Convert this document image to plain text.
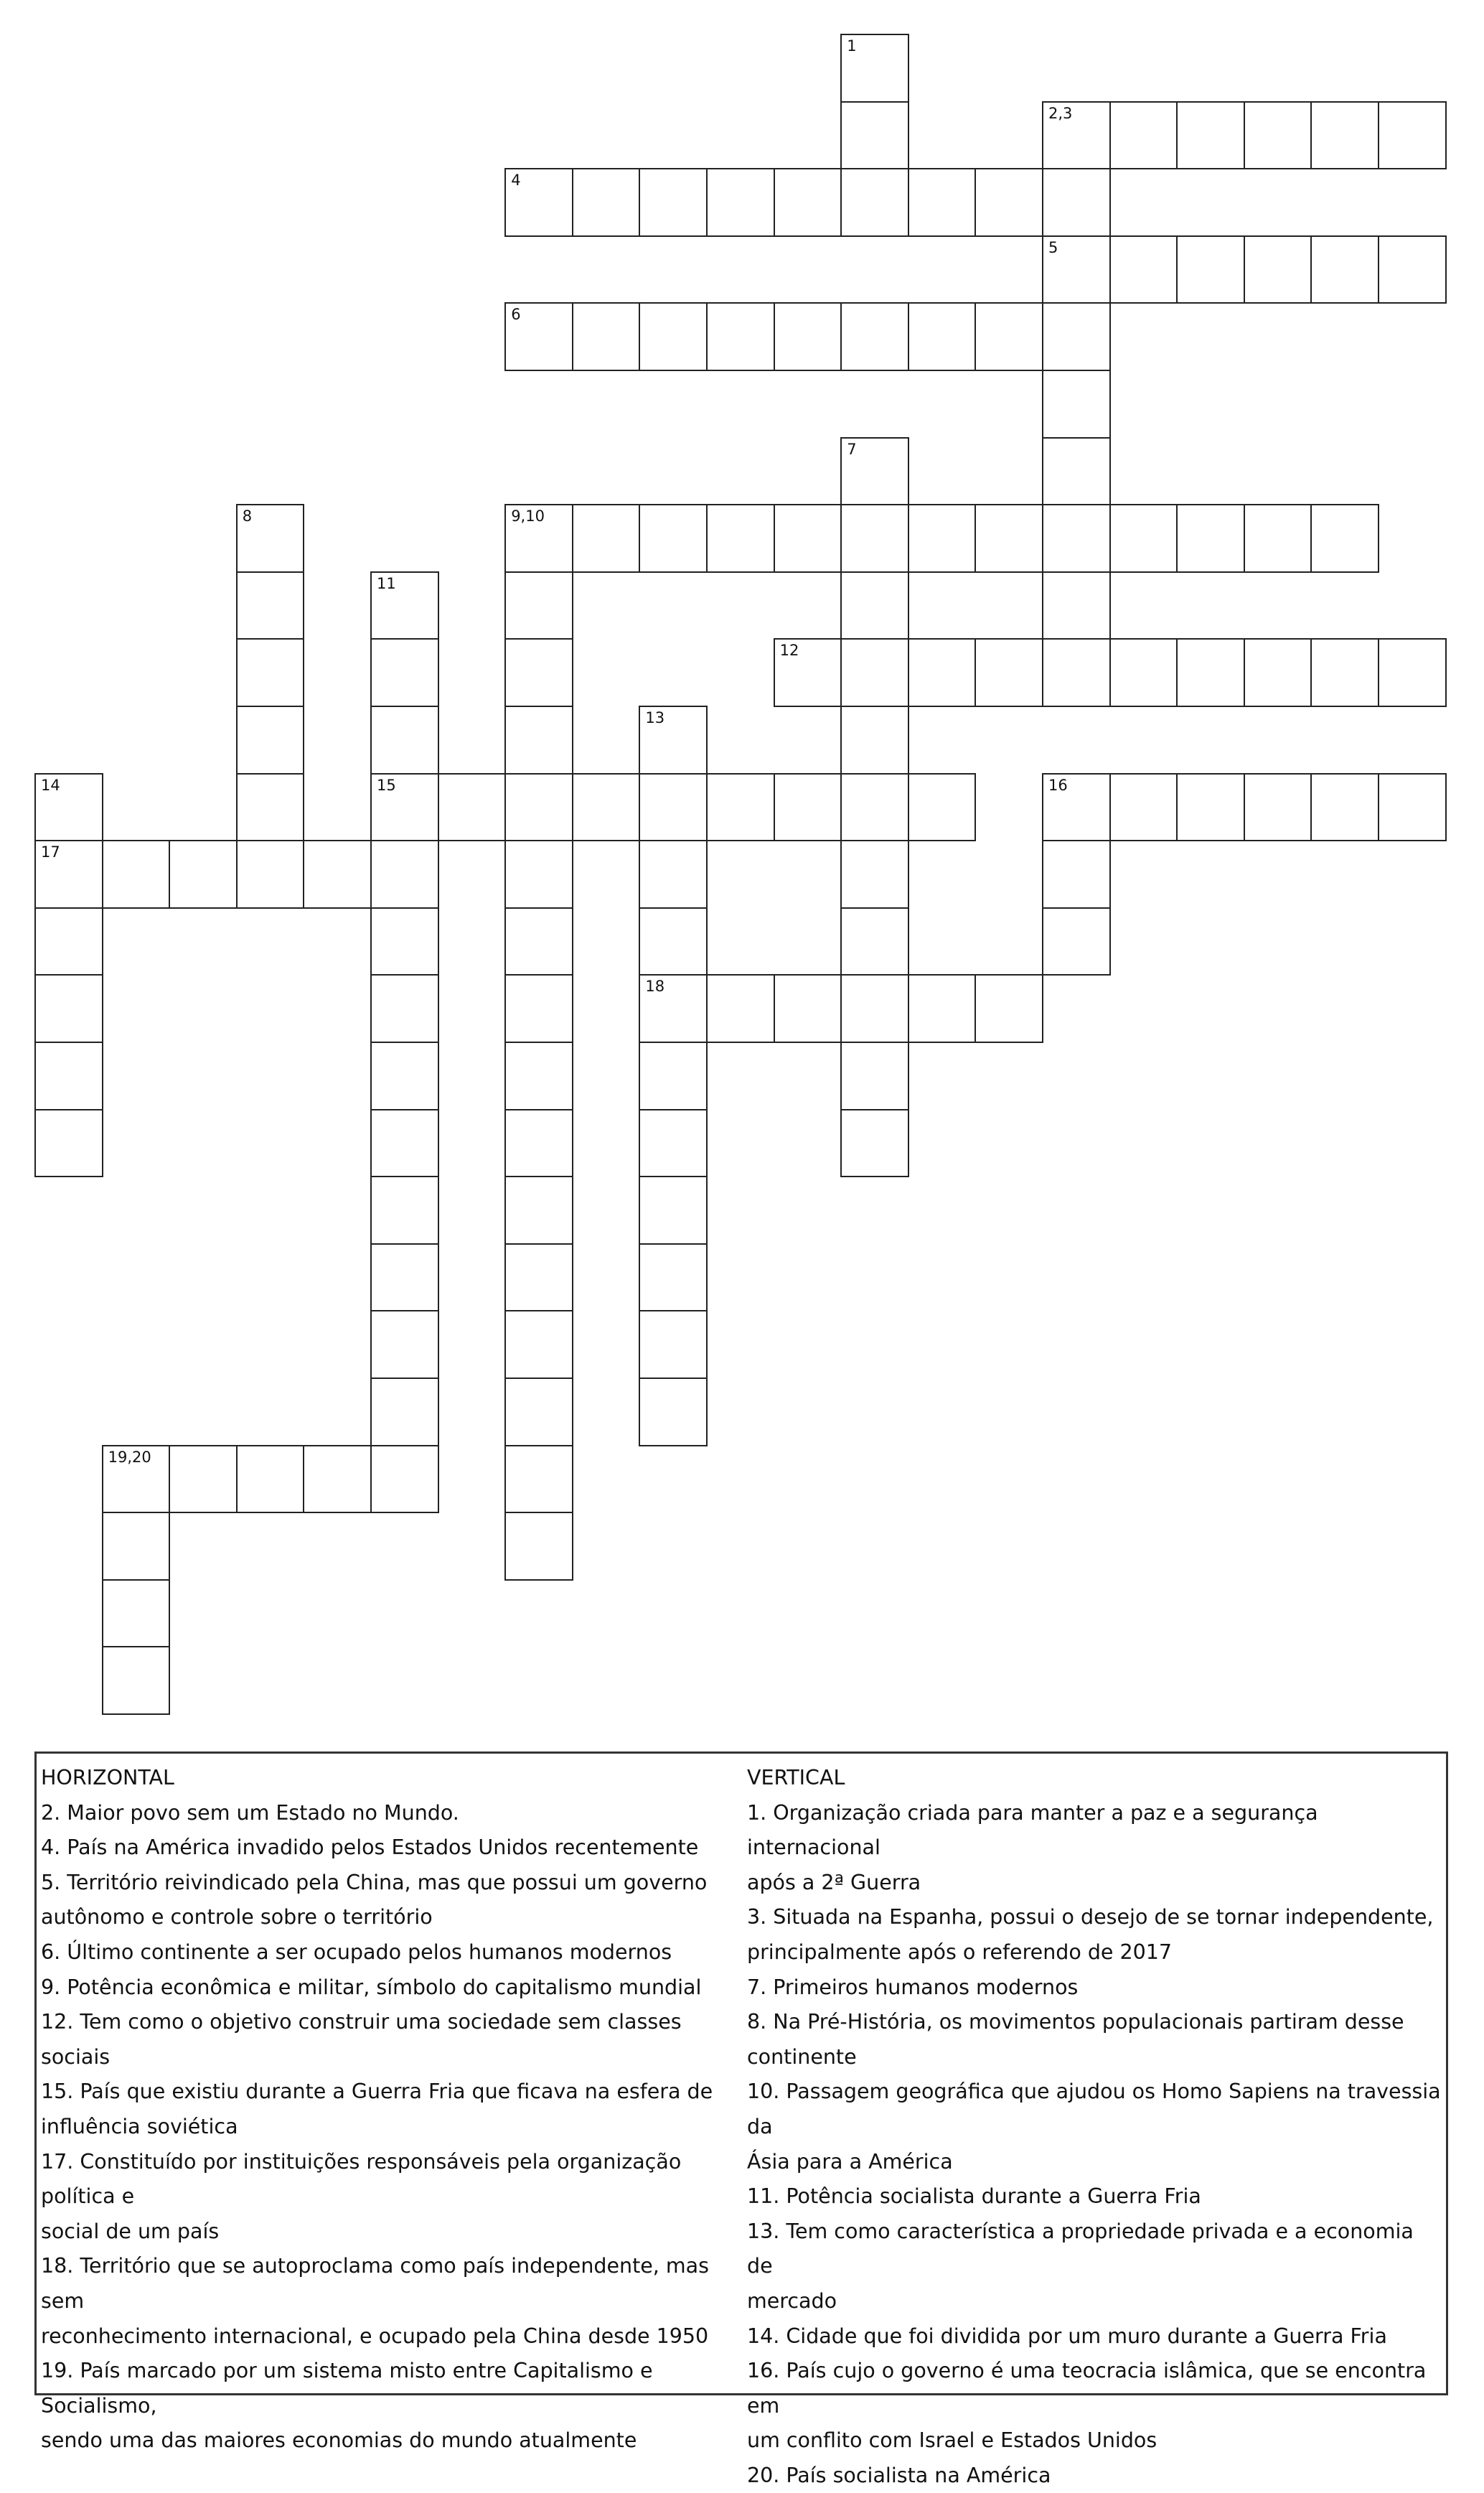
1
2,3
4
5
6
7
8	9,10
11
15
12
13
18
14
17
16
19,20
HORIZONTAL
2. Maior povo sem um Estado no Mundo.
4. País na América invadido pelos Estados Unidos recentemente
5. Território reivindicado pela China, mas que possui um governo
autônomo e controle sobre o território
6. Último continente a ser ocupado pelos humanos modernos
9. Potência econômica e militar, símbolo do capitalismo mundial
12. Tem como o objetivo construir uma sociedade sem classes sociais
15. País que existiu durante a Guerra Fria que ficava na esfera de
influência soviética
17. Constituído por instituições responsáveis pela organização política e
social de um país
18. Território que se autoproclama como país independente, mas sem
reconhecimento internacional, e ocupado pela China desde 1950
19. País marcado por um sistema misto entre Capitalismo e Socialismo,
sendo uma das maiores economias do mundo atualmente
VERTICAL
1. Organização criada para manter a paz e a segurança internacional
após a 2ª Guerra
3. Situada na Espanha, possui o desejo de se tornar independente,
principalmente após o referendo de 2017
7. Primeiros humanos modernos
8. Na Pré-História, os movimentos populacionais partiram desse
continente
10. Passagem geográfica que ajudou os Homo Sapiens na travessia da
Ásia para a América
11. Potência socialista durante a Guerra Fria
13. Tem como característica a propriedade privada e a economia de
mercado
14. Cidade que foi dividida por um muro durante a Guerra Fria
16. País cujo o governo é uma teocracia islâmica, que se encontra em
um conflito com Israel e Estados Unidos
20. País socialista na América
